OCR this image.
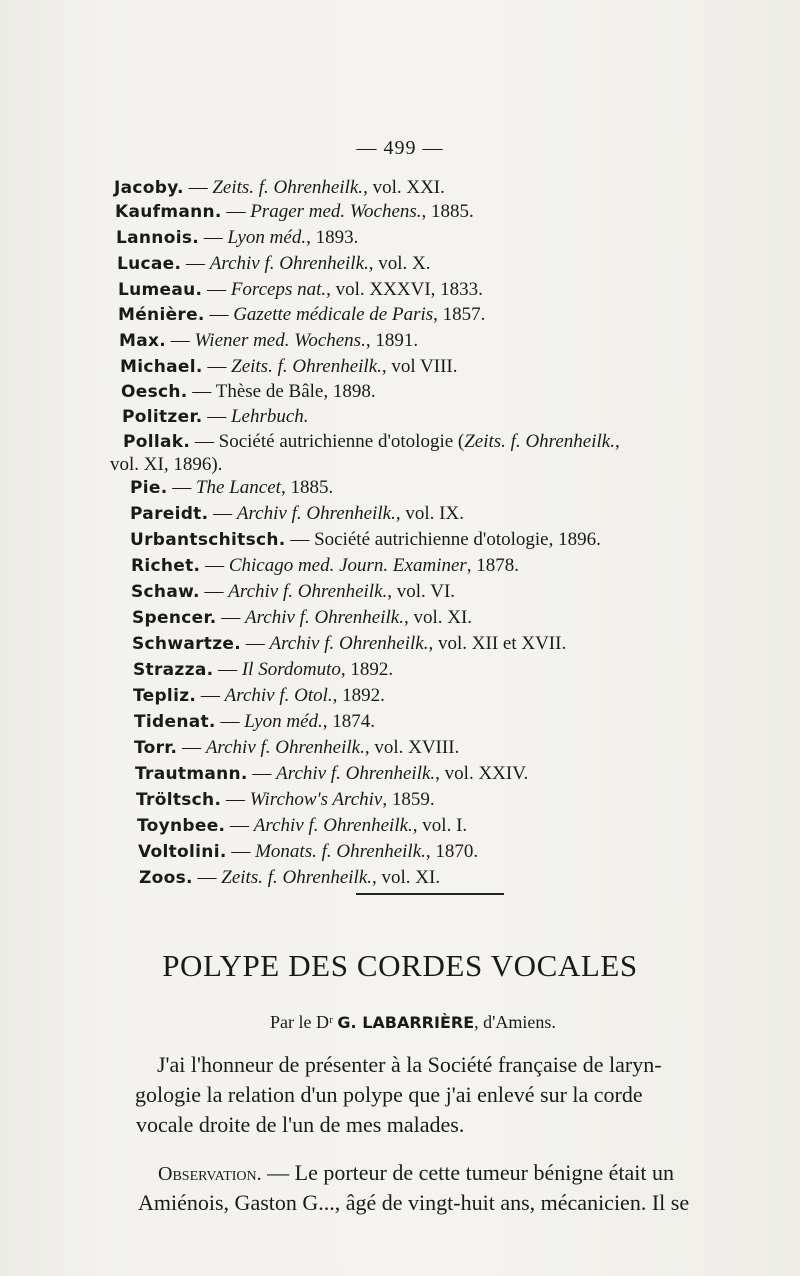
— 499 —
Jacoby. — Zeits. f. Ohrenheilk., vol. XXI.
Kaufmann. — Prager med. Wochens., 1885.
Lannois. — Lyon méd., 1893.
Lucae. — Archiv f. Ohrenheilk., vol. X.
Lumeau. — Forceps nat., vol. XXXVI, 1833.
Ménière. — Gazette médicale de Paris, 1857.
Max. — Wiener med. Wochens., 1891.
Michael. — Zeits. f. Ohrenheilk., vol VIII.
Oesch. — Thèse de Bâle, 1898.
Politzer. — Lehrbuch.
Pollak. — Société autrichienne d'otologie (Zeits. f. Ohrenheilk.,
vol. XI, 1896).
Pie. — The Lancet, 1885.
Pareidt. — Archiv f. Ohrenheilk., vol. IX.
Urbantschitsch. — Société autrichienne d'otologie, 1896.
Richet. — Chicago med. Journ. Examiner, 1878.
Schaw. — Archiv f. Ohrenheilk., vol. VI.
Spencer. — Archiv f. Ohrenheilk., vol. XI.
Schwartze. — Archiv f. Ohrenheilk., vol. XII et XVII.
Strazza. — Il Sordomuto, 1892.
Tepliz. — Archiv f. Otol., 1892.
Tidenat. — Lyon méd., 1874.
Torr. — Archiv f. Ohrenheilk., vol. XVIII.
Trautmann. — Archiv f. Ohrenheilk., vol. XXIV.
Tröltsch. — Wirchow's Archiv, 1859.
Toynbee. — Archiv f. Ohrenheilk., vol. I.
Voltolini. — Monats. f. Ohrenheilk., 1870.
Zoos. — Zeits. f. Ohrenheilk., vol. XI.
POLYPE DES CORDES VOCALES
Par le Dʳ G. LABARRIÈRE, d'Amiens.
J'ai l'honneur de présenter à la Société française de laryn-
gologie la relation d'un polype que j'ai enlevé sur la corde
vocale droite de l'un de mes malades.
Observation. — Le porteur de cette tumeur bénigne était un
Amiénois, Gaston G..., âgé de vingt-huit ans, mécanicien. Il se
